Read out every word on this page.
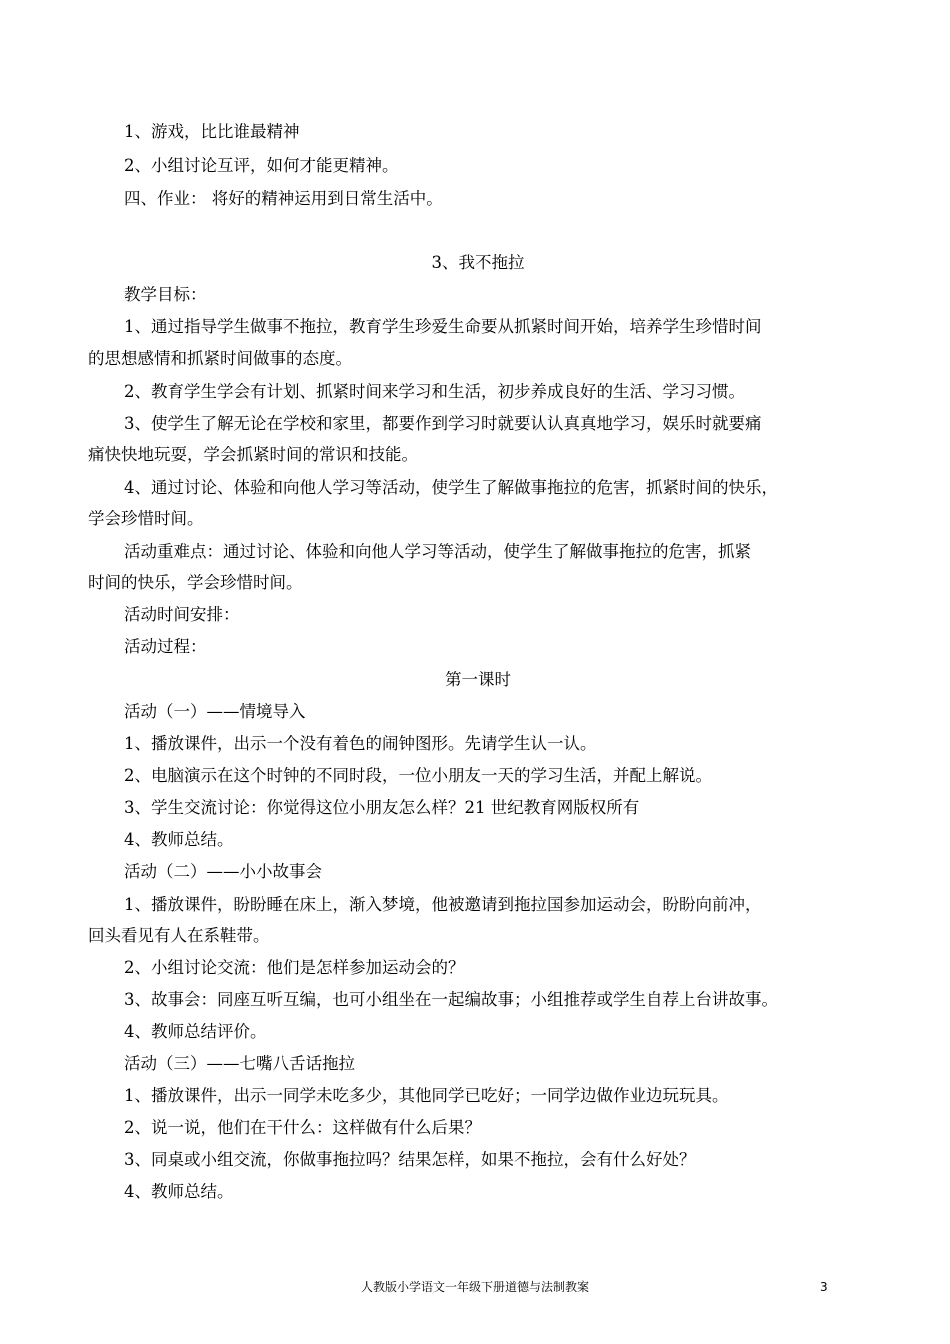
1、游戏，比比谁最精神
2、小组讨论互评，如何才能更精神。
四、作业： 将好的精神运用到日常生活中。
3、我不拖拉
教学目标：
1、通过指导学生做事不拖拉，教育学生珍爱生命要从抓紧时间开始，培养学生珍惜时间
的思想感情和抓紧时间做事的态度。
2、教育学生学会有计划、抓紧时间来学习和生活，初步养成良好的生活、学习习惯。
3、使学生了解无论在学校和家里，都要作到学习时就要认认真真地学习，娱乐时就要痛
痛快快地玩耍，学会抓紧时间的常识和技能。
4、通过讨论、体验和向他人学习等活动，使学生了解做事拖拉的危害，抓紧时间的快乐，
学会珍惜时间。
活动重难点：通过讨论、体验和向他人学习等活动，使学生了解做事拖拉的危害，抓紧
时间的快乐，学会珍惜时间。
活动时间安排：
活动过程：
第一课时
活动（一）——情境导入
1、播放课件，出示一个没有着色的闹钟图形。先请学生认一认。
2、电脑演示在这个时钟的不同时段，一位小朋友一天的学习生活，并配上解说。
3、学生交流讨论：你觉得这位小朋友怎么样？21 世纪教育网版权所有
4、教师总结。
活动（二）——小小故事会
1、播放课件，盼盼睡在床上，渐入梦境，他被邀请到拖拉国参加运动会，盼盼向前冲，
回头看见有人在系鞋带。
2、小组讨论交流：他们是怎样参加运动会的？
3、故事会：同座互听互编，也可小组坐在一起编故事；小组推荐或学生自荐上台讲故事。
4、教师总结评价。
活动（三）——七嘴八舌话拖拉
1、播放课件，出示一同学未吃多少，其他同学已吃好；一同学边做作业边玩玩具。
2、说一说，他们在干什么：这样做有什么后果？
3、同桌或小组交流，你做事拖拉吗？结果怎样，如果不拖拉，会有什么好处？
4、教师总结。
人教版小学语文一年级下册道德与法制教案	3
